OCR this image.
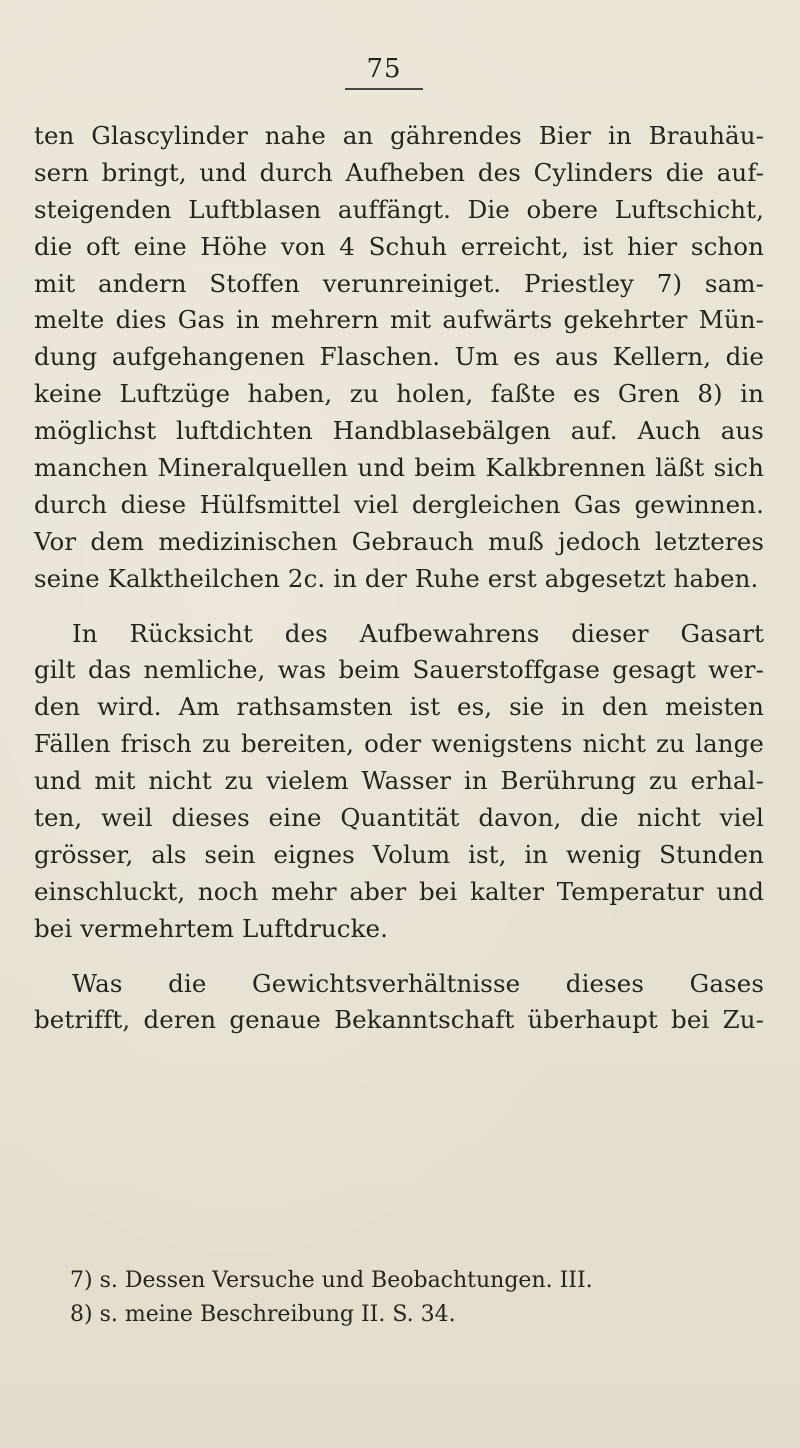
75
ten Glascylinder nahe an gährendes Bier in Brauhäu-
sern bringt, und durch Aufheben des Cylinders die auf-
steigenden Luftblasen auffängt. Die obere Luftschicht,
die oft eine Höhe von 4 Schuh erreicht, ist hier schon
mit andern Stoffen verunreiniget. Priestley 7) sam-
melte dies Gas in mehrern mit aufwärts gekehrter Mün-
dung aufgehangenen Flaschen. Um es aus Kellern, die
keine Luftzüge haben, zu holen, faßte es Gren 8) in
möglichst luftdichten Handblasebälgen auf. Auch aus
manchen Mineralquellen und beim Kalkbrennen läßt sich
durch diese Hülfsmittel viel dergleichen Gas gewinnen.
Vor dem medizinischen Gebrauch muß jedoch letzteres
seine Kalktheilchen 2c. in der Ruhe erst abgesetzt haben.
In Rücksicht des Aufbewahrens dieser Gasart
gilt das nemliche, was beim Sauerstoffgase gesagt wer-
den wird. Am rathsamsten ist es, sie in den meisten
Fällen frisch zu bereiten, oder wenigstens nicht zu lange
und mit nicht zu vielem Wasser in Berührung zu erhal-
ten, weil dieses eine Quantität davon, die nicht viel
grösser, als sein eignes Volum ist, in wenig Stunden
einschluckt, noch mehr aber bei kalter Temperatur und
bei vermehrtem Luftdrucke.
Was die Gewichtsverhältnisse dieses Gases
betrifft, deren genaue Bekanntschaft überhaupt bei Zu-
7) s. Dessen Versuche und Beobachtungen. III.
8) s. meine Beschreibung II. S. 34.
